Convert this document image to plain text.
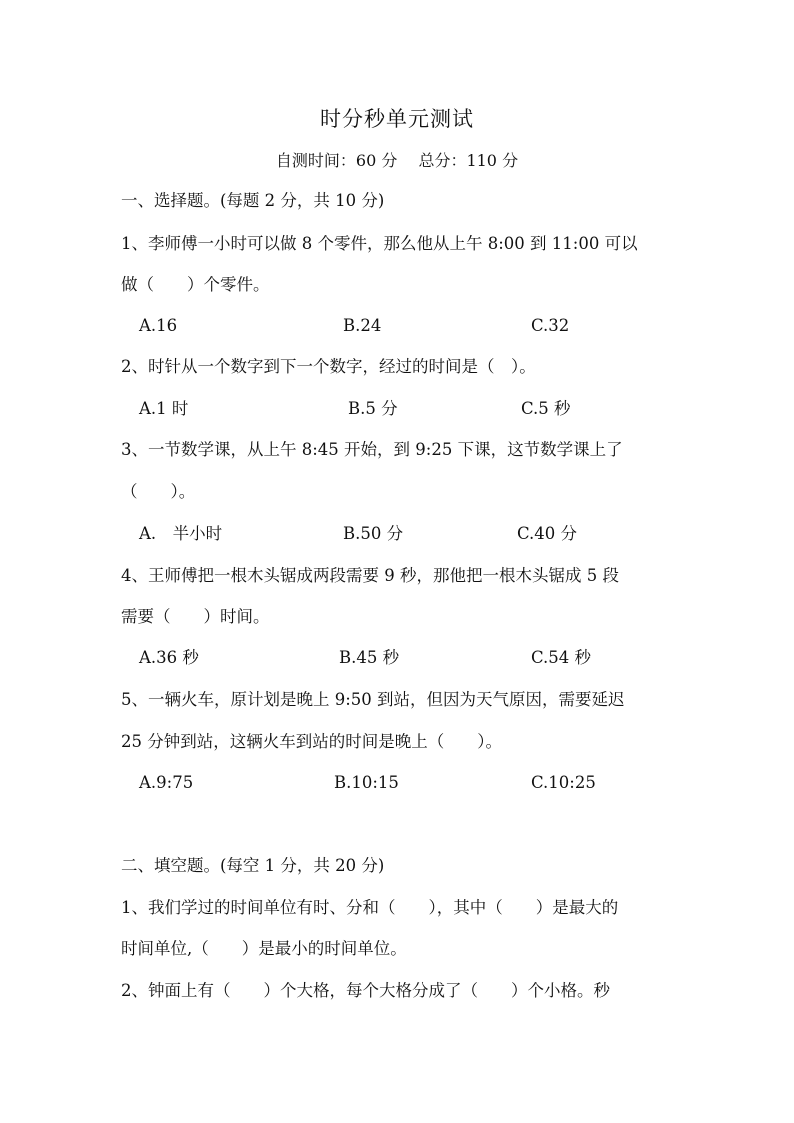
时分秒单元测试
自测时间：60 分　 总分：110 分
一、选择题。(每题 2 分，共 10 分)
1、李师傅一小时可以做 8 个零件，那么他从上午 8:00 到 11:00 可以
做（　　）个零件。
A.16	B.24	C.32
2、时针从一个数字到下一个数字，经过的时间是（　）。
A.1 时	B.5 分	C.5 秒
3、一节数学课，从上午 8:45 开始，到 9:25 下课，这节数学课上了
（　　）。
A.　半小时	B.50 分	C.40 分
4、王师傅把一根木头锯成两段需要 9 秒，那他把一根木头锯成 5 段
需要（　　）时间。
A.36 秒	B.45 秒	C.54 秒
5、一辆火车，原计划是晚上 9:50 到站，但因为天气原因，需要延迟
25 分钟到站，这辆火车到站的时间是晚上（　　）。
A.9:75	B.10:15	C.10:25
二、填空题。(每空 1 分，共 20 分)
1、我们学过的时间单位有时、分和（　　），其中（　　）是最大的
时间单位,（　　）是最小的时间单位。
2、钟面上有（　　）个大格，每个大格分成了（　　）个小格。秒
